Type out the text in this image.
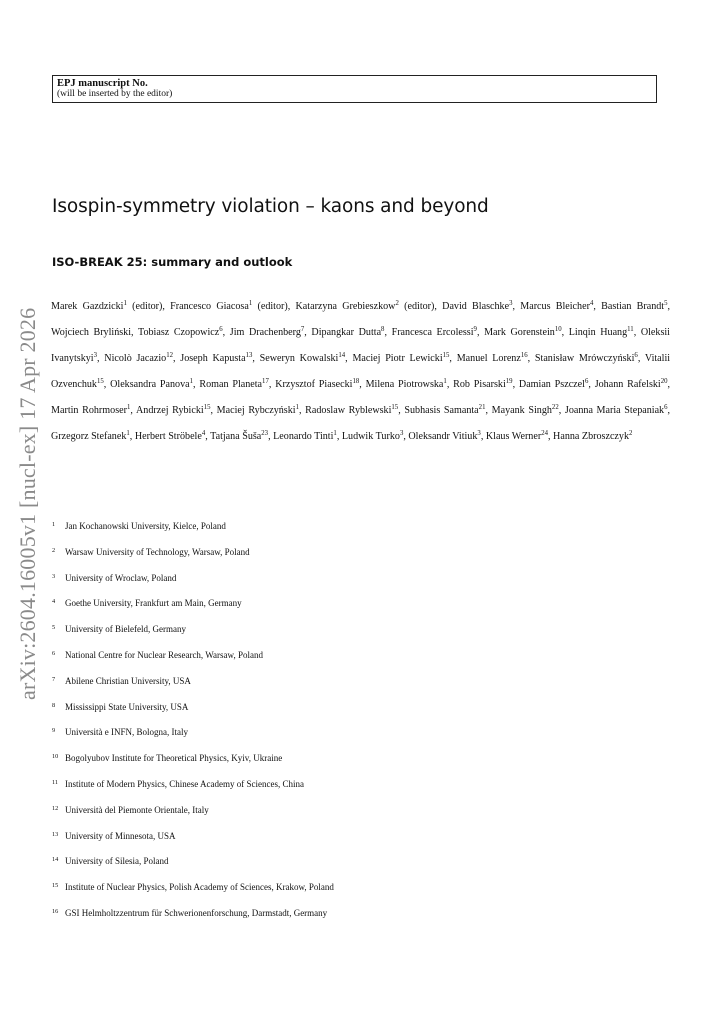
EPJ manuscript No.
(will be inserted by the editor)
arXiv:2604.16005v1 [nucl-ex] 17 Apr 2026
Isospin-symmetry violation – kaons and beyond
ISO-BREAK 25: summary and outlook

Marek Gazdzicki$^1$ (editor), Francesco Giacosa$^1$ (editor), Katarzyna Grebieszkow$^2$ (editor), David Blaschke$^3$, Marcus Bleicher$^4$, Bastian Brandt$^5$, Wojciech Bryliński, Tobiasz Czopowicz$^6$, Jim Drachenberg$^7$, Dipangkar Dutta$^8$, Francesca Ercolessi$^9$, Mark Gorenstein$^{10}$, Linqin Huang$^{11}$, Oleksii Ivanytskyi$^3$, Nicolò Jacazio$^{12}$, Joseph Kapusta$^{13}$, Seweryn Kowalski$^{14}$, Maciej Piotr Lewicki$^{15}$, Manuel Lorenz$^{16}$, Stanisław Mrówczyński$^6$, Vitalii Ozvenchuk$^{15}$, Oleksandra Panova$^1$, Roman Planeta$^{17}$, Krzysztof Piasecki$^{18}$, Milena Piotrowska$^1$, Rob Pisarski$^{19}$, Damian Pszczel$^6$, Johann Rafelski$^{20}$, Martin Rohrmoser$^1$, Andrzej Rybicki$^{15}$, Maciej Rybczyński$^1$, Radoslaw Ryblewski$^{15}$, Subhasis Samanta$^{21}$, Mayank Singh$^{22}$, Joanna Maria Stepaniak$^6$, Grzegorz Stefanek$^1$, Herbert Ströbele$^4$, Tatjana Šuša$^{23}$, Leonardo Tinti$^1$, Ludwik Turko$^3$, Oleksandr Vitiuk$^3$, Klaus Werner$^{24}$, Hanna Zbroszczyk$^2$

1 Jan Kochanowski University, Kielce, Poland
2 Warsaw University of Technology, Warsaw, Poland
3 University of Wroclaw, Poland
4 Goethe University, Frankfurt am Main, Germany
5 University of Bielefeld, Germany
6 National Centre for Nuclear Research, Warsaw, Poland
7 Abilene Christian University, USA
8 Mississippi State University, USA
9 Università e INFN, Bologna, Italy
10 Bogolyubov Institute for Theoretical Physics, Kyiv, Ukraine
11 Institute of Modern Physics, Chinese Academy of Sciences, China
12 Università del Piemonte Orientale, Italy
13 University of Minnesota, USA
14 University of Silesia, Poland
15 Institute of Nuclear Physics, Polish Academy of Sciences, Krakow, Poland
16 GSI Helmholtzzentrum für Schwerionenforschung, Darmstadt, Germany
